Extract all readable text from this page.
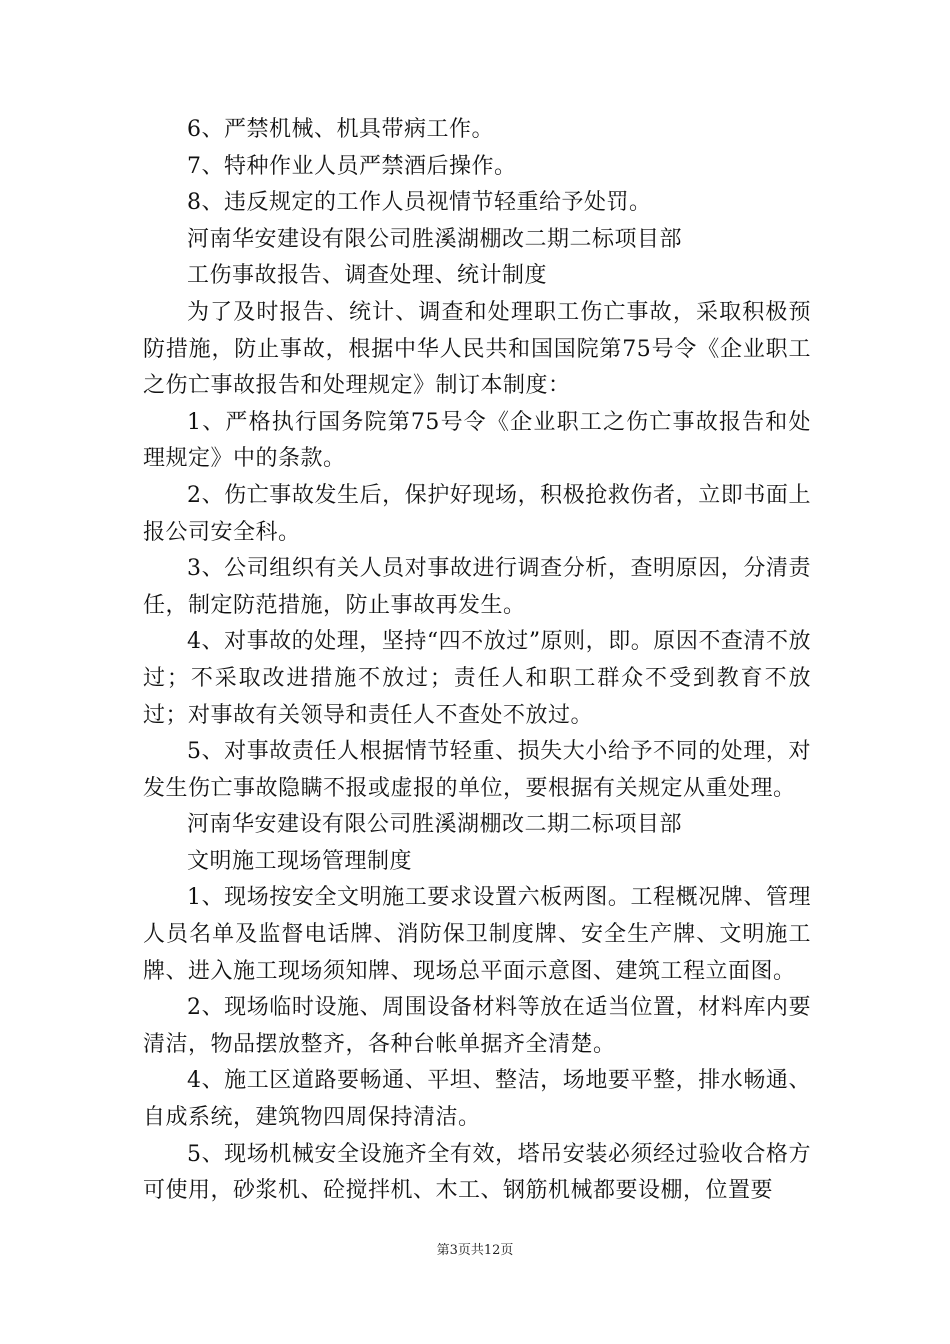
6、严禁机械、机具带病工作。

7、特种作业人员严禁酒后操作。

8、违反规定的工作人员视情节轻重给予处罚。

河南华安建设有限公司胜溪湖棚改二期二标项目部

工伤事故报告、调查处理、统计制度

为了及时报告、统计、调查和处理职工伤亡事故，采取积极预防措施，防止事故，根据中华人民共和国国院第75号令《企业职工之伤亡事故报告和处理规定》制订本制度：

1、严格执行国务院第75号令《企业职工之伤亡事故报告和处理规定》中的条款。

2、伤亡事故发生后，保护好现场，积极抢救伤者，立即书面上报公司安全科。

3、公司组织有关人员对事故进行调查分析，查明原因，分清责任，制定防范措施，防止事故再发生。

4、对事故的处理，坚持“四不放过”原则，即。原因不查清不放过；不采取改进措施不放过；责任人和职工群众不受到教育不放过；对事故有关领导和责任人不查处不放过。

5、对事故责任人根据情节轻重、损失大小给予不同的处理，对发生伤亡事故隐瞒不报或虚报的单位，要根据有关规定从重处理。

河南华安建设有限公司胜溪湖棚改二期二标项目部

文明施工现场管理制度

1、现场按安全文明施工要求设置六板两图。工程概况牌、管理人员名单及监督电话牌、消防保卫制度牌、安全生产牌、文明施工牌、进入施工现场须知牌、现场总平面示意图、建筑工程立面图。

2、现场临时设施、周围设备材料等放在适当位置，材料库内要清洁，物品摆放整齐，各种台帐单据齐全清楚。

4、施工区道路要畅通、平坦、整洁，场地要平整，排水畅通、自成系统，建筑物四周保持清洁。

5、现场机械安全设施齐全有效，塔吊安装必须经过验收合格方可使用，砂浆机、砼搅拌机、木工、钢筋机械都要设棚，位置要

第3页共12页
